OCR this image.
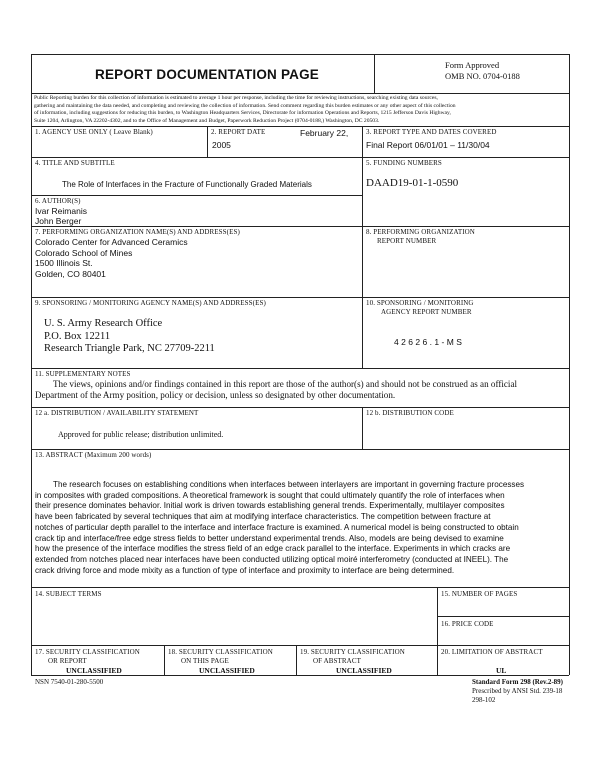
REPORT DOCUMENTATION PAGE
Form Approved
OMB NO. 0704-0188
Public Reporting burden for this collection of information is estimated to average 1 hour per response, including the time for reviewing instructions, searching existing data sources,
gathering and maintaining the data needed, and completing and reviewing the collection of information. Send comment regarding this burden estimates or any other aspect of this collection
of information, including suggestions for reducing this burden, to Washington Headquarters Services, Directorate for information Operations and Reports, 1215 Jefferson Davis Highway,
Suite 1204, Arlington, VA 22202-4302, and to the Office of Management and Budget, Paperwork Reduction Project (0704-0188,) Washington, DC 20503.
1. AGENCY USE ONLY ( Leave Blank)	2. REPORT DATE	February 22,
2005
3. REPORT TYPE AND DATES COVERED
Final Report 06/01/01 – 11/30/04
4. TITLE AND SUBTITLE
The Role of Interfaces in the Fracture of Functionally Graded Materials
5. FUNDING NUMBERS
DAAD19-01-1-0590
6. AUTHOR(S)
Ivar Reimanis
John Berger
7. PERFORMING ORGANIZATION NAME(S) AND ADDRESS(ES)
Colorado Center for Advanced Ceramics
Colorado School of Mines
1500 Illinois St.
Golden, CO 80401
8. PERFORMING ORGANIZATION
REPORT NUMBER
9. SPONSORING / MONITORING AGENCY NAME(S) AND ADDRESS(ES)
U. S. Army Research Office
P.O. Box 12211
Research Triangle Park, NC 27709-2211
10. SPONSORING / MONITORING
AGENCY REPORT NUMBER
42626.1-MS
11. SUPPLEMENTARY NOTES
The views, opinions and/or findings contained in this report are those of the author(s) and should not be construed as an official
Department of the Army position, policy or decision, unless so designated by other documentation.
12 a. DISTRIBUTION / AVAILABILITY STATEMENT
Approved for public release; distribution unlimited.
12 b. DISTRIBUTION CODE
13. ABSTRACT (Maximum 200 words)
The research focuses on establishing conditions when interfaces between interlayers are important in governing fracture processes
in composites with graded compositions. A theoretical framework is sought that could ultimately quantify the role of interfaces when
their presence dominates behavior. Initial work is driven towards establishing general trends. Experimentally, multilayer composites
have been fabricated by several techniques that aim at modifying interface characteristics. The competition between fracture at
notches of particular depth parallel to the interface and interface fracture is examined. A numerical model is being constructed to obtain
crack tip and interface/free edge stress fields to better understand experimental trends. Also, models are being devised to examine
how the presence of the interface modifies the stress field of an edge crack parallel to the interface. Experiments in which cracks are
extended from notches placed near interfaces have been conducted utilizing optical moiré interferometry (conducted at INEEL). The
crack driving force and mode mixity as a function of type of interface and proximity to interface are being determined.
14. SUBJECT TERMS	15. NUMBER OF PAGES
16. PRICE CODE
17. SECURITY CLASSIFICATION
OR REPORT
UNCLASSIFIED
18. SECURITY CLASSIFICATION
ON THIS PAGE
UNCLASSIFIED
19. SECURITY CLASSIFICATION
OF ABSTRACT
UNCLASSIFIED
20. LIMITATION OF ABSTRACT
UL
NSN 7540-01-280-5500	Standard Form 298 (Rev.2-89)
Prescribed by ANSI Std. 239-18
298-102
